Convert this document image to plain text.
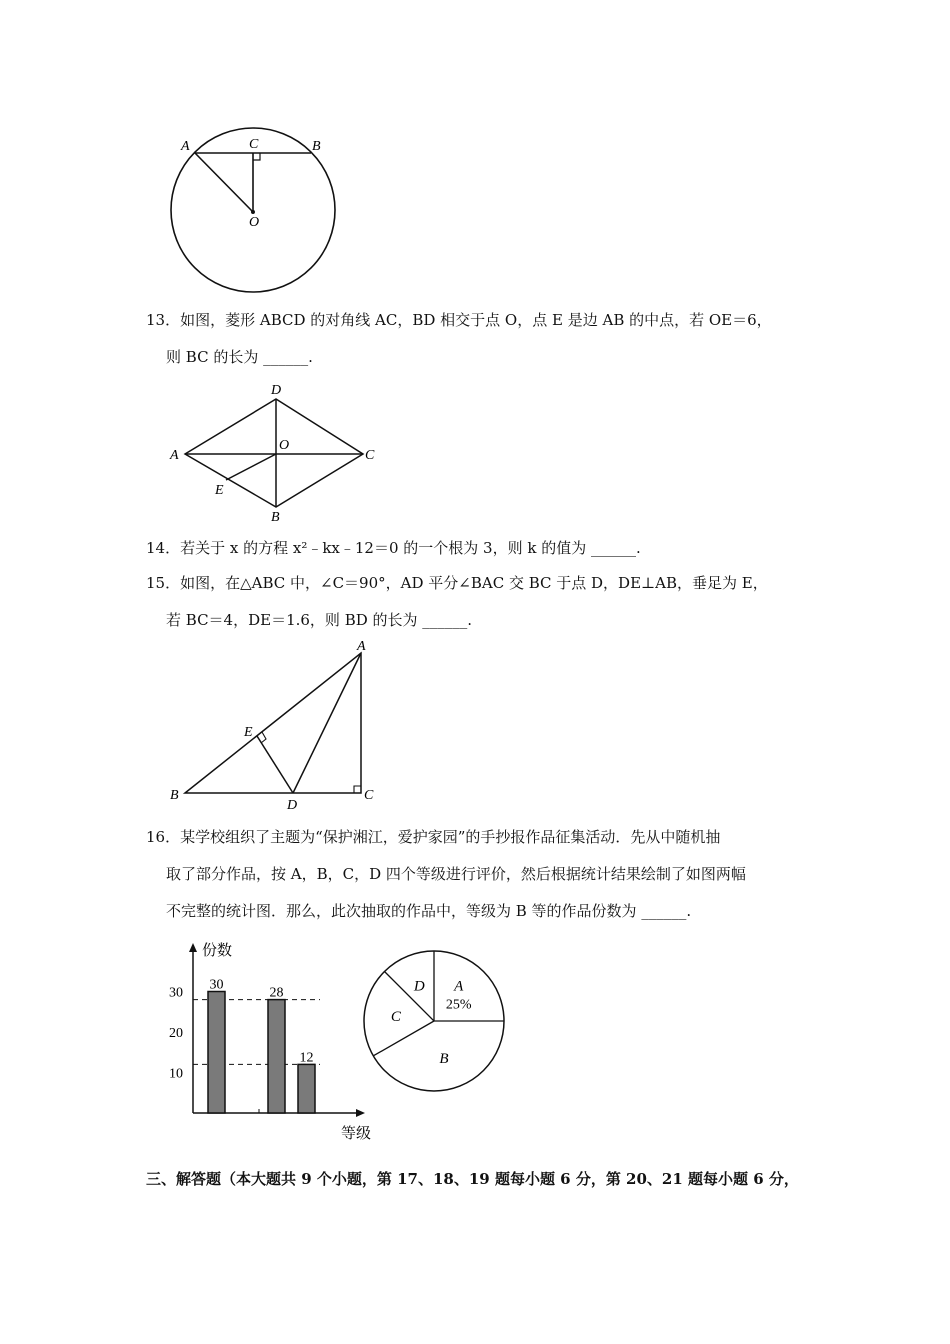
A	C	B
O
13．如图，菱形 ABCD 的对角线 AC，BD 相交于点 O，点 E 是边 AB 的中点，若 OE＝6，
则 BC 的长为 ______.
D
A
O
C
E
B
14．若关于 x 的方程 x²﹣kx﹣12＝0 的一个根为 3，则 k 的值为 ______.
15．如图，在△ABC 中，∠C＝90°，AD 平分∠BAC 交 BC 于点 D，DE⊥AB，垂足为 E，
若 BC＝4，DE＝1.6，则 BD 的长为 ______.
A
E
B
D
C
16．某学校组织了主题为“保护湘江，爱护家园”的手抄报作品征集活动．先从中随机抽
取了部分作品，按 A，B，C，D 四个等级进行评价，然后根据统计结果绘制了如图两幅
不完整的统计图．那么，此次抽取的作品中，等级为 B 等的作品份数为 ______.
10
20
30
30
28
12
份数
等级
A
25%
B
C
D
三、解答题（本大题共 9 个小题，第 17、18、19 题每小题 6 分，第 20、21 题每小题 6 分，
